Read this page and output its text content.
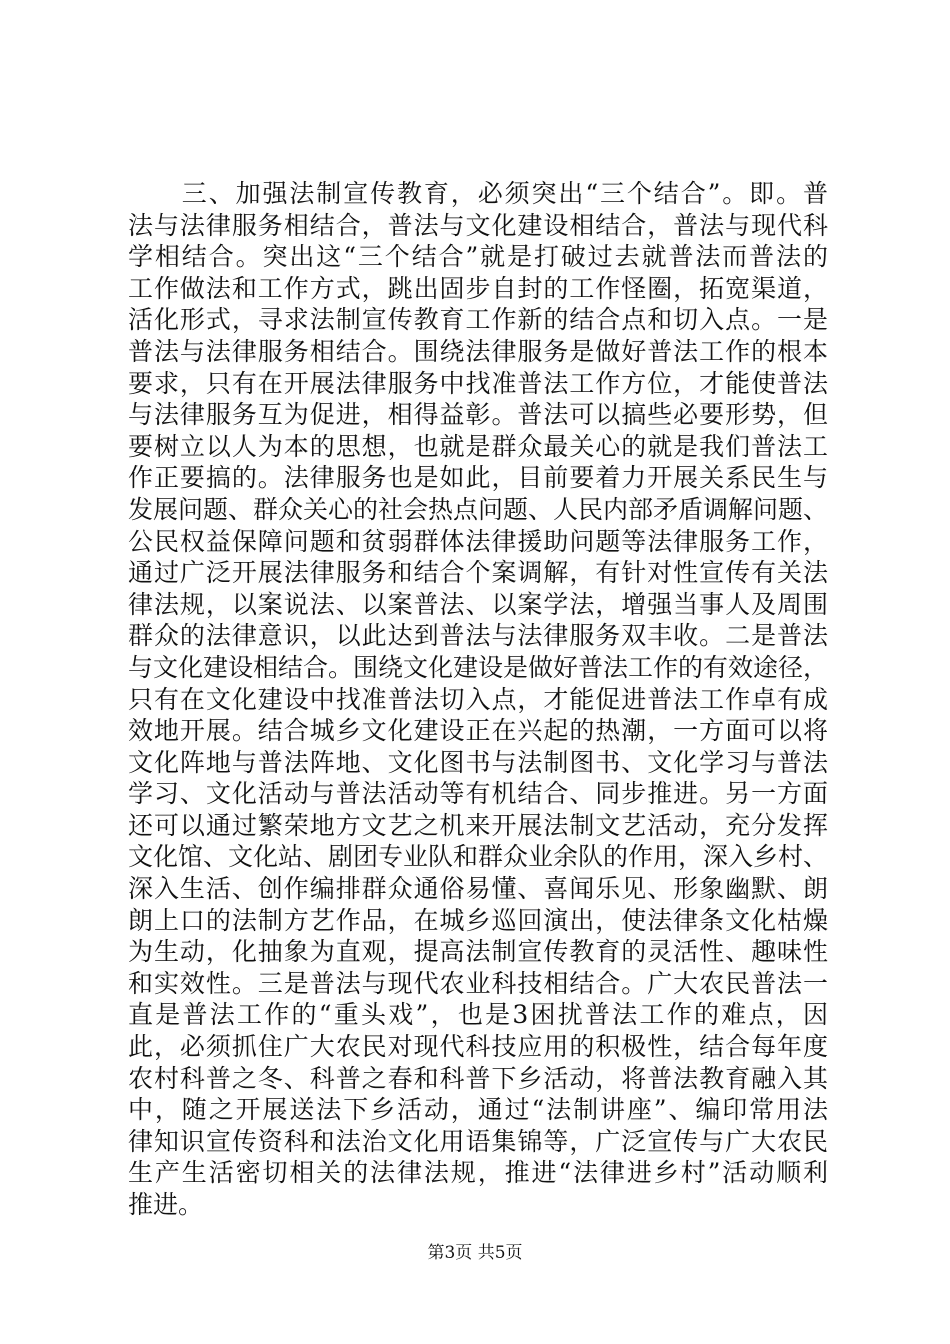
　　三、加强法制宣传教育，必须突出“三个结合”。即。普
法与法律服务相结合，普法与文化建设相结合，普法与现代科
学相结合。突出这“三个结合”就是打破过去就普法而普法的
工作做法和工作方式，跳出固步自封的工作怪圈，拓宽渠道，
活化形式，寻求法制宣传教育工作新的结合点和切入点。一是
普法与法律服务相结合。围绕法律服务是做好普法工作的根本
要求，只有在开展法律服务中找准普法工作方位，才能使普法
与法律服务互为促进，相得益彰。普法可以搞些必要形势，但
要树立以人为本的思想，也就是群众最关心的就是我们普法工
作正要搞的。法律服务也是如此，目前要着力开展关系民生与
发展问题、群众关心的社会热点问题、人民内部矛盾调解问题、
公民权益保障问题和贫弱群体法律援助问题等法律服务工作，
通过广泛开展法律服务和结合个案调解，有针对性宣传有关法
律法规，以案说法、以案普法、以案学法，增强当事人及周围
群众的法律意识，以此达到普法与法律服务双丰收。二是普法
与文化建设相结合。围绕文化建设是做好普法工作的有效途径，
只有在文化建设中找准普法切入点，才能促进普法工作卓有成
效地开展。结合城乡文化建设正在兴起的热潮，一方面可以将
文化阵地与普法阵地、文化图书与法制图书、文化学习与普法
学习、文化活动与普法活动等有机结合、同步推进。另一方面
还可以通过繁荣地方文艺之机来开展法制文艺活动，充分发挥
文化馆、文化站、剧团专业队和群众业余队的作用，深入乡村、
深入生活、创作编排群众通俗易懂、喜闻乐见、形象幽默、朗
朗上口的法制方艺作品，在城乡巡回演出，使法律条文化枯燥
为生动，化抽象为直观，提高法制宣传教育的灵活性、趣味性
和实效性。三是普法与现代农业科技相结合。广大农民普法一
直是普法工作的“重头戏”，也是3困扰普法工作的难点，因
此，必须抓住广大农民对现代科技应用的积极性，结合每年度
农村科普之冬、科普之春和科普下乡活动，将普法教育融入其
中，随之开展送法下乡活动，通过“法制讲座”、编印常用法
律知识宣传资科和法治文化用语集锦等，广泛宣传与广大农民
生产生活密切相关的法律法规，推进“法律进乡村”活动顺利
推进。
第3页 共5页
